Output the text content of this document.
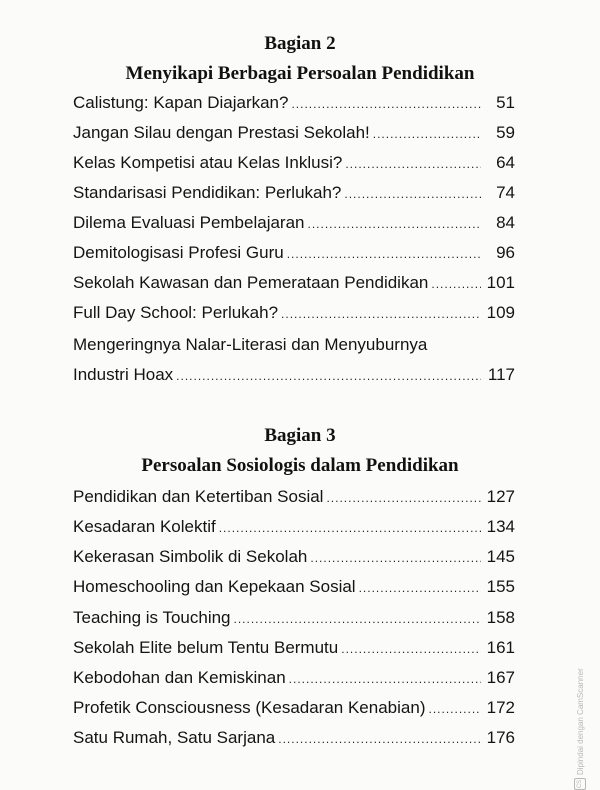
Bagian 2
Menyikapi Berbagai Persoalan Pendidikan
Calistung: Kapan Diajarkan? .....	51
Jangan Silau dengan Prestasi Sekolah! .....	59
Kelas Kompetisi atau Kelas Inklusi? .....	64
Standarisasi Pendidikan: Perlukah? .....	74
Dilema Evaluasi Pembelajaran .....	84
Demitologisasi Profesi Guru .....	96
Sekolah Kawasan dan Pemerataan Pendidikan .....	101
Full Day School: Perlukah? .....	109
Mengeringnya Nalar-Literasi dan Menyuburnya
Industri Hoax .....	117
Bagian 3
Persoalan Sosiologis dalam Pendidikan
Pendidikan dan Ketertiban Sosial .....	127
Kesadaran Kolektif .....	134
Kekerasan Simbolik di Sekolah .....	145
Homeschooling dan Kepekaan Sosial .....	155
Teaching is Touching .....	158
Sekolah Elite belum Tentu Bermutu .....	161
Kebodohan dan Kemiskinan .....	167
Profetik Consciousness (Kesadaran Kenabian) .....	172
Satu Rumah, Satu Sarjana .....	176
CS
Dipindai dengan CamScanner
